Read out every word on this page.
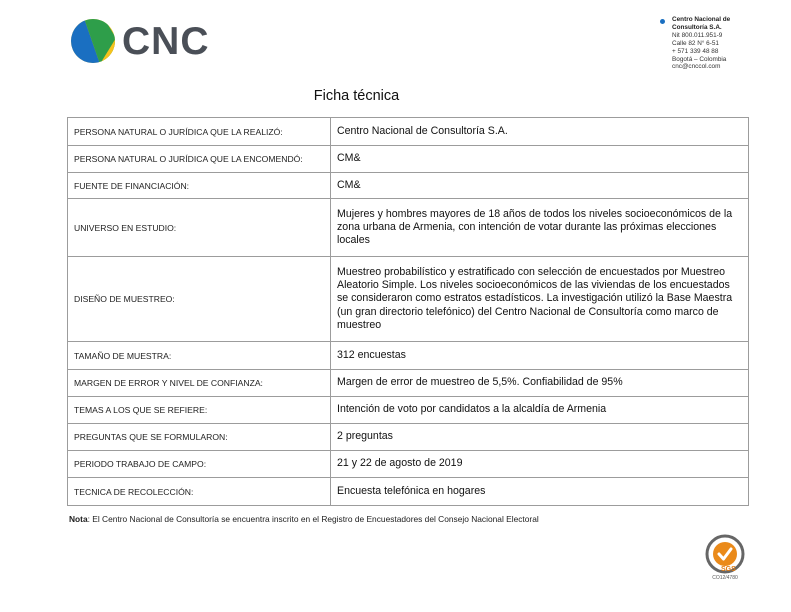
CNC
Centro Nacional de
Consultoría S.A.
Nit 800.011.951-9
Calle 82 N° 6-51
+ 571 339 48 88
Bogotá – Colombia
cnc@cnccol.com
Ficha técnica
PERSONA NATURAL O JURÍDICA QUE LA REALIZÓ:	Centro Nacional de Consultoría S.A.
PERSONA NATURAL O JURÍDICA QUE LA ENCOMENDÓ:	CM&
FUENTE DE FINANCIACIÓN:	CM&
UNIVERSO EN ESTUDIO:	Mujeres y hombres mayores de 18 años de todos los niveles socioeconómicos de la zona urbana de Armenia, con intención de votar durante las próximas elecciones locales
DISEÑO DE MUESTREO:	Muestreo probabilístico y estratificado con selección de encuestados por Muestreo Aleatorio Simple. Los niveles socioeconómicos de las viviendas de los encuestados se consideraron como estratos estadísticos. La investigación utilizó la Base Maestra (un gran directorio telefónico) del Centro Nacional de Consultoría como marco de muestreo
TAMAÑO DE MUESTRA:	312 encuestas
MARGEN DE ERROR Y NIVEL DE CONFIANZA:	Margen de error de muestreo de 5,5%. Confiabilidad de 95%
TEMAS A LOS QUE SE REFIERE:	Intención de voto por candidatos a la alcaldía de Armenia
PREGUNTAS QUE SE FORMULARON:	2 preguntas
PERIODO TRABAJO DE CAMPO:	21 y 22 de agosto de 2019
TECNICA DE RECOLECCIÓN:	Encuesta telefónica en hogares
Nota: El Centro Nacional de Consultoría se encuentra inscrito en el Registro de Encuestadores del Consejo Nacional Electoral
SGS
CO12/4780
